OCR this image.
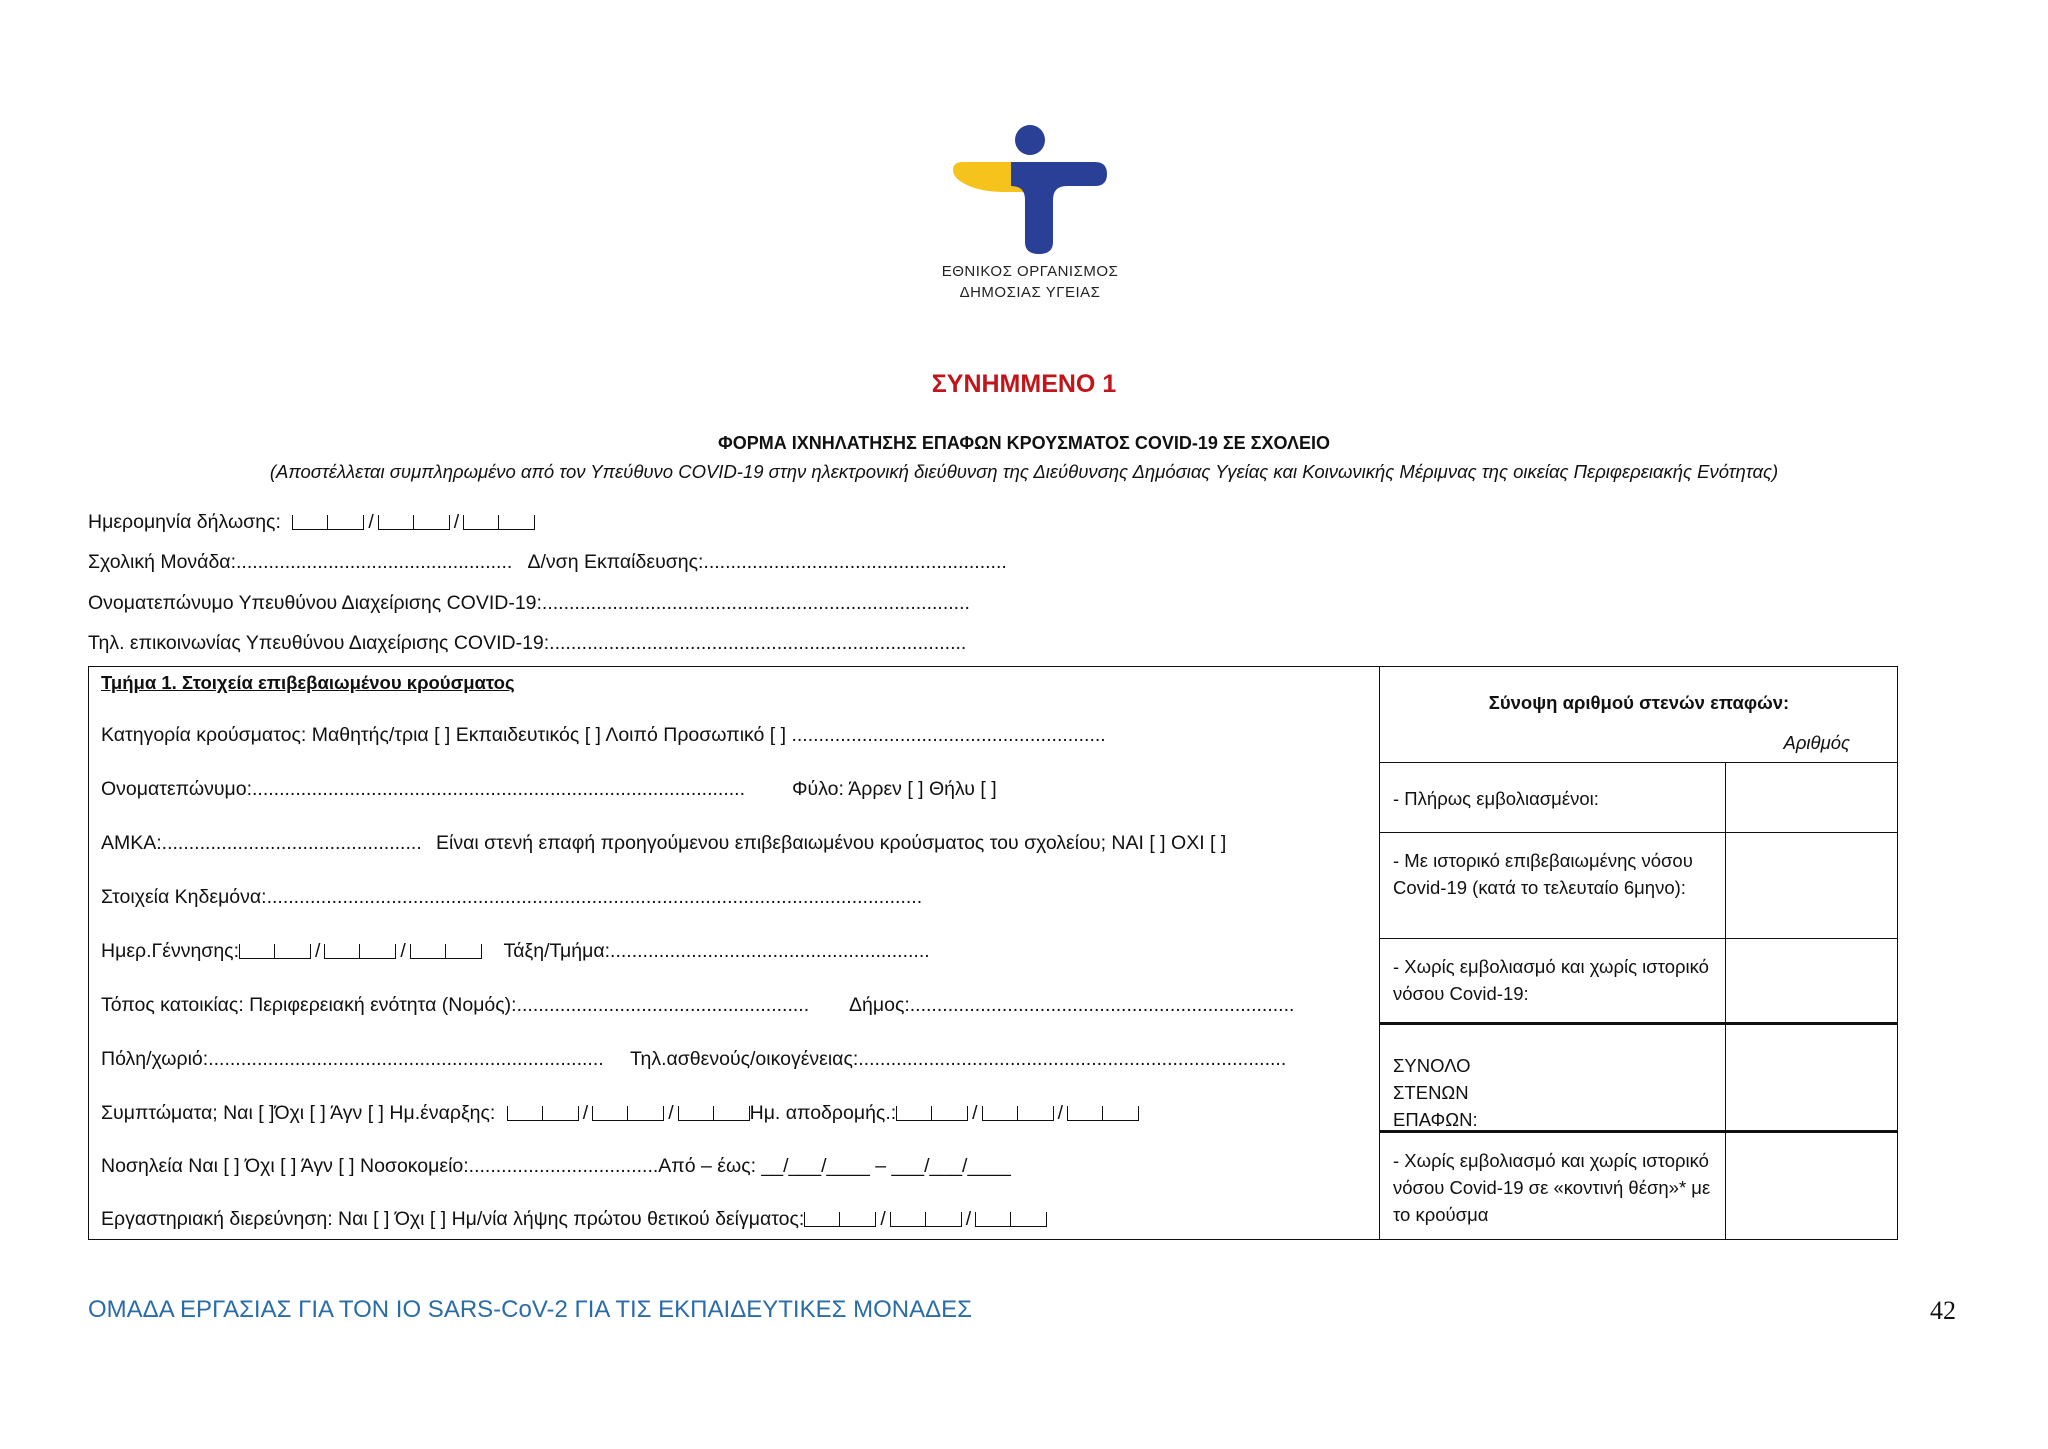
ΕΘΝΙΚΟΣ ΟΡΓΑΝΙΣΜΟΣ
ΔΗΜΟΣΙΑΣ ΥΓΕΙΑΣ
ΣΥΝΗΜΜΕΝΟ 1
ΦΟΡΜΑ ΙΧΝΗΛΑΤΗΣΗΣ ΕΠΑΦΩΝ ΚΡΟΥΣΜΑΤΟΣ COVID-19 ΣΕ ΣΧΟΛΕΙΟ
(Αποστέλλεται συμπληρωμένο από τον Υπεύθυνο COVID-19 στην ηλεκτρονική διεύθυνση της Διεύθυνσης Δημόσιας Υγείας και Κοινωνικής Μέριμνας της οικείας Περιφερειακής Ενότητας)
Ημερομηνία δήλωσης:	/	/
Σχολική Μονάδα:................................................... Δ/νση Εκπαίδευσης:........................................................
Ονοματεπώνυμο Υπευθύνου Διαχείρισης COVID-19:...............................................................................
Τηλ. επικοινωνίας Υπευθύνου Διαχείρισης COVID-19:.............................................................................
Τμήμα 1. Στοιχεία επιβεβαιωμένου κρούσματος
Κατηγορία κρούσματος: Μαθητής/τρια [ ] Εκπαιδευτικός [ ] Λοιπό Προσωπικό [ ] ..........................................................
Ονοματεπώνυμο:........................................................................................... Φύλο: Άρρεν [ ] Θήλυ [ ]
ΑΜΚΑ:................................................ Είναι στενή επαφή προηγούμενου επιβεβαιωμένου κρούσματος του σχολείου; ΝΑΙ [ ] ΟΧΙ [ ]
Στοιχεία Κηδεμόνα:.........................................................................................................................
Ημερ.Γέννησης:	/	/	Τάξη/Τμήμα:...........................................................
Τόπος κατοικίας: Περιφερειακή ενότητα (Νομός):...................................................... Δήμος:.......................................................................
Πόλη/χωριό:......................................................................... Τηλ.ασθενούς/οικογένειας:...............................................................................
Συμπτώματα; Ναι [ ]Όχι [ ] Άγν [ ] Ημ.έναρξης:	/	/	Ημ. αποδρομής.:	/	/
Νοσηλεία Ναι [ ] Όχι [ ] Άγν [ ] Νοσοκομείο:...................................Από – έως: __/___/____ – ___/___/____
Εργαστηριακή διερεύνηση: Ναι [ ] Όχι [ ] Ημ/νία λήψης πρώτου θετικού δείγματος:	/	/
Σύνοψη αριθμού στενών επαφών:
Αριθμός
- Πλήρως εμβολιασμένοι:
- Με ιστορικό επιβεβαιωμένης νόσου Covid-19 (κατά το τελευταίο 6μηνο):
- Χωρίς εμβολιασμό και χωρίς ιστορικό νόσου Covid-19:
ΣΥΝΟΛΟ ΣΤΕΝΩΝ ΕΠΑΦΩΝ:
- Χωρίς εμβολιασμό και χωρίς ιστορικό νόσου Covid-19 σε «κοντινή θέση»* με το κρούσμα
ΟΜΑΔΑ ΕΡΓΑΣΙΑΣ ΓΙΑ ΤΟΝ ΙΟ SARS-CoV-2 ΓΙΑ ΤΙΣ ΕΚΠΑΙΔΕΥΤΙΚΕΣ ΜΟΝΑΔΕΣ	42
